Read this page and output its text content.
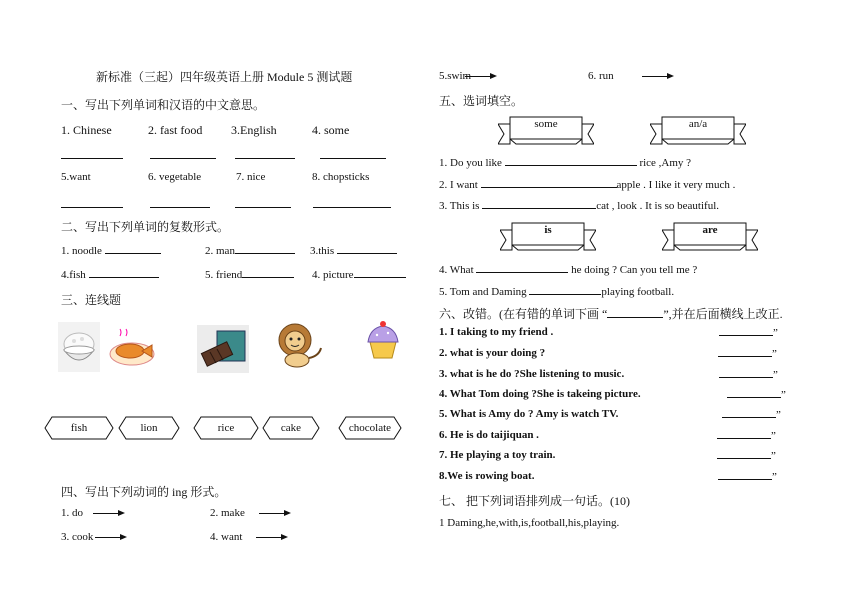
新标准（三起）四年级英语上册 Module 5 测试题
一、写出下列单词和汉语的中文意思。
1. Chinese	2. fast food 3.English	4. some
5.want	6. vegetable	7. nice	8. chopsticks
二、写出下列单词的复数形式。
1. noodle	2. man	3.this
4.fish	5. friend	4. picture
三、连线题
fish	lion	rice	cake	chocolate
四、写出下列动词的 ing 形式。
1. do	2. make
3. cook	4. want
5.swim	6. run
五、选词填空。
some	an/a
1. Do you like	rice ,Amy ?
2. I want	apple . I like it very much .
3. This is	cat , look . It is so beautiful.
is	are
4. What	he doing ? Can you tell me ?
5. Tom and Daming	playing football.
六、改错。(在有错的单词下画 “	”,并在后面横线上改正.
1. I taking to my friend .
2. what is your doing ?
3. what is he do ?She listening to music.
4. What Tom doing ?She is takeing picture.
5. What is Amy do ? Amy is watch TV.
6. He is do taijiquan .
7. He playing a toy train.
8.We is rowing boat.
”
”
”
”
”
”
”
”
七、 把下列词语排列成一句话。(10)
1 Daming,he,with,is,football,his,playing.
